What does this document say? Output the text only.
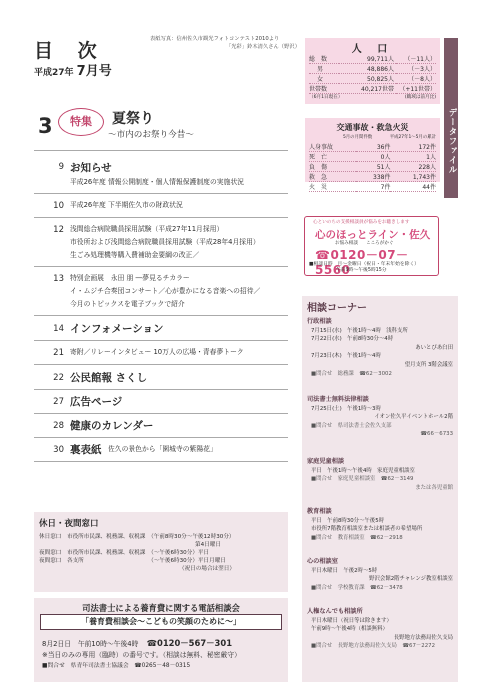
目 次
平成27年 7月号
表紙写真：信州佐久市観光フォトコンテスト2010より
「光彩」鈴木清久さん（野沢）	人 口
総　数	99,711人	（－11人）
男	48,886人	（－3人）
女	50,825人	（－8人）
世帯数	40,217世帯	（+11世帯）
（6月1日現在）	(職域は前月比)
データファイル
交通事故・救急火災
5月の月間件数	平成27年1～5月の累計
人身事故	36件	172件
死　亡	0人	1人
負　傷	51人	228人
救　急	338件	1,743件
火　災	7件	44件
心といのちの支援相談員が悩みをお聴きします
心のほっとライン・佐久
お悩み相談 こころがかぐ
☎0120－07－5560
■相談日時　月～金曜日（祝日・年末年始を除く）
午前9時～午後5時15分
3	特集	夏祭り
～市内のお祭り今昔～
9 お知らせ
平成26年度 情報公開制度・個人情報保護制度の実施状況
10 平成26年度 下半期佐久市の財政状況
12 浅間総合病院職員採用試験（平成27年11月採用）
市役所および浅間総合病院職員採用試験（平成28年4月採用）
生ごみ処理機等購入費補助金要綱の改正／
13 特別企画展　永田 朋 ―夢見るチカラー
イ・ムジチ合奏団コンサート／心が豊かになる音楽への招待／
今月のトピックスを電子ブックで紹介
14 インフォメーション
21 寄附／リレーインタビュー 10万人の広場・青春夢トーク
22 公民館報 さくし
27 広告ページ
28 健康のカレンダー
30 裏表紙 佐久の景色から「園城寺の紫陽花」
休日・夜間窓口
休日窓口　市役所市民課、税務課、収税課　（午前8時30分～午後12時30分）
第4日曜日
夜間窓口　市役所市民課、税務課、収税課　（～午後6時30分）平日
夜間窓口　各支所　　　　　　　　　　　　（～午後6時30分）平日月曜日
（祝日の場合は翌日）
司法書士による養育費に関する電話相談会
「養育費相談会～こどもの笑顔のために～」
8月2日日　午前10時～午後4時 ☎0120－567－301
※当日のみの専用（臨時）の番号です。（相談は無料、秘密厳守）
■問合せ　県青年司法書士協議会　☎0265－48－0315
相談コーナー
行政相談
7月15日(水)　午後1時～4時　浅科支所
7月22日(水)　午前8時30分～4時
あいとぴあ臼田
7月23日(木)　午後1時～4時
望月支所 3階会議室
■問合せ　総務課　☎62－3002
司法書士無料法律相談
7月25日(土)　午後1時～3時
イオン佐久平イベントホール2階
■問合せ　県司法書士会佐久支部
☎66－6733
家庭児童相談
平日　午後1時～午後4時　家庭児童相談室
■問合せ　家庭児童相談室　☎62－3149
または各児童館
教育相談
平日　午前8時30分～午後5時
市役所7階教育相談室または相談者の希望場所
■問合せ　教育相談室　☎62－2918
心の相談室
平日木曜日　午後2時～5時
野沢会館2階チャレンジ教室相談室
■問合せ　学校教育課　☎62－3478
人権なんでも相談所
平日木曜日（祝日等は除きます）
午前9時～午後4時（相談無料）
長野地方法務局佐久支局
■問合せ　長野地方法務局佐久支局　☎67－2272
